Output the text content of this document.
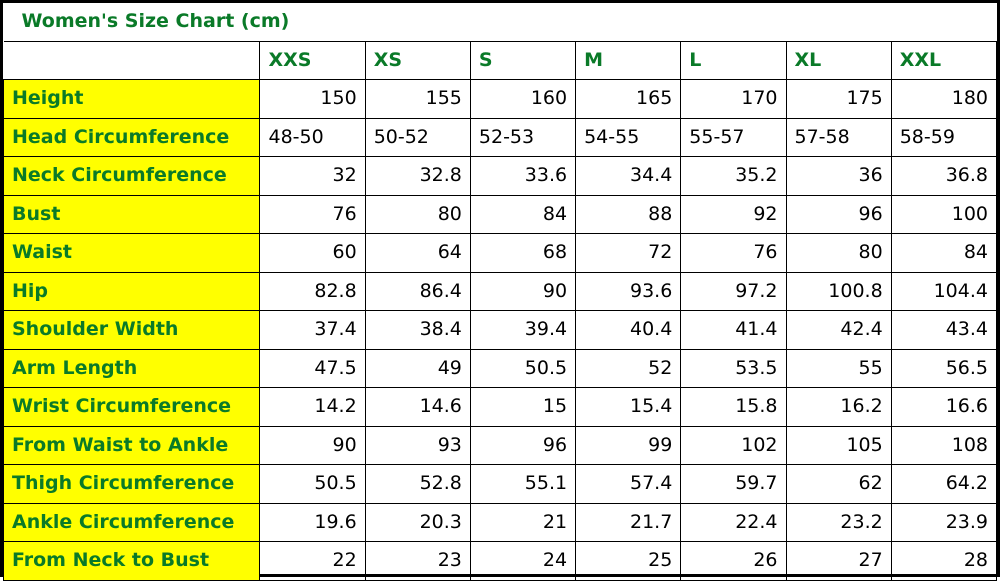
Women's Size Chart (cm)							
	XXS	XS	S	M	L	XL	XXL
Height	150	155	160	165	170	175	180
Head Circumference	48-50	50-52	52-53	54-55	55-57	57-58	58-59
Neck Circumference	32	32.8	33.6	34.4	35.2	36	36.8
Bust	76	80	84	88	92	96	100
Waist	60	64	68	72	76	80	84
Hip	82.8	86.4	90	93.6	97.2	100.8	104.4
Shoulder Width	37.4	38.4	39.4	40.4	41.4	42.4	43.4
Arm Length	47.5	49	50.5	52	53.5	55	56.5
Wrist Circumference	14.2	14.6	15	15.4	15.8	16.2	16.6
From Waist to Ankle	90	93	96	99	102	105	108
Thigh Circumference	50.5	52.8	55.1	57.4	59.7	62	64.2
Ankle Circumference	19.6	20.3	21	21.7	22.4	23.2	23.9
From Neck to Bust	22	23	24	25	26	27	28
